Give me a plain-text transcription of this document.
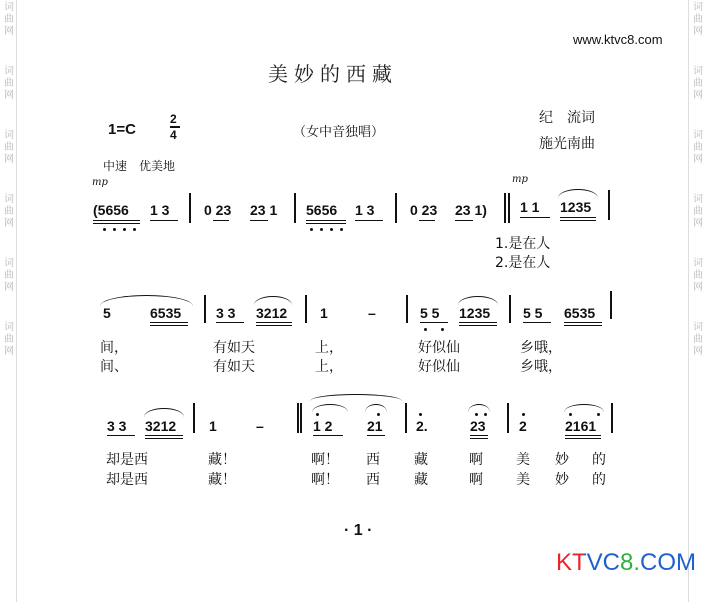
词
曲
网
词
曲
网
词
曲
网
词
曲
网
词
曲
网
词
曲
网
词
曲
网
词
曲
网
词
曲
网
词
曲
网
词
曲
网
词
曲
网
www.ktvc8.com
美妙的西藏
1=C
2
4	（女中音独唱）
纪　流词
施光南曲
中速　优美地
mp	mp
(5656 1 3 0 23 23 1 5656 1 3	0 23 23 1) 1 1 1235
1.是在人
2.是在人
5	6535 3 3 3212 1	–	5 5 1235 5 5 6535
间，	有如天	上，	好似仙	乡哦，
间、	有如天	上，	好似仙	乡哦，
3 3 3212 1	–	1 2 21 2.	23 2	2161
却是西	藏！	啊！ 西 藏	啊 美 妙 的
却是西	藏！	啊！ 西 藏	啊 美 妙 的
· 1 ·
KTVC8.COM
